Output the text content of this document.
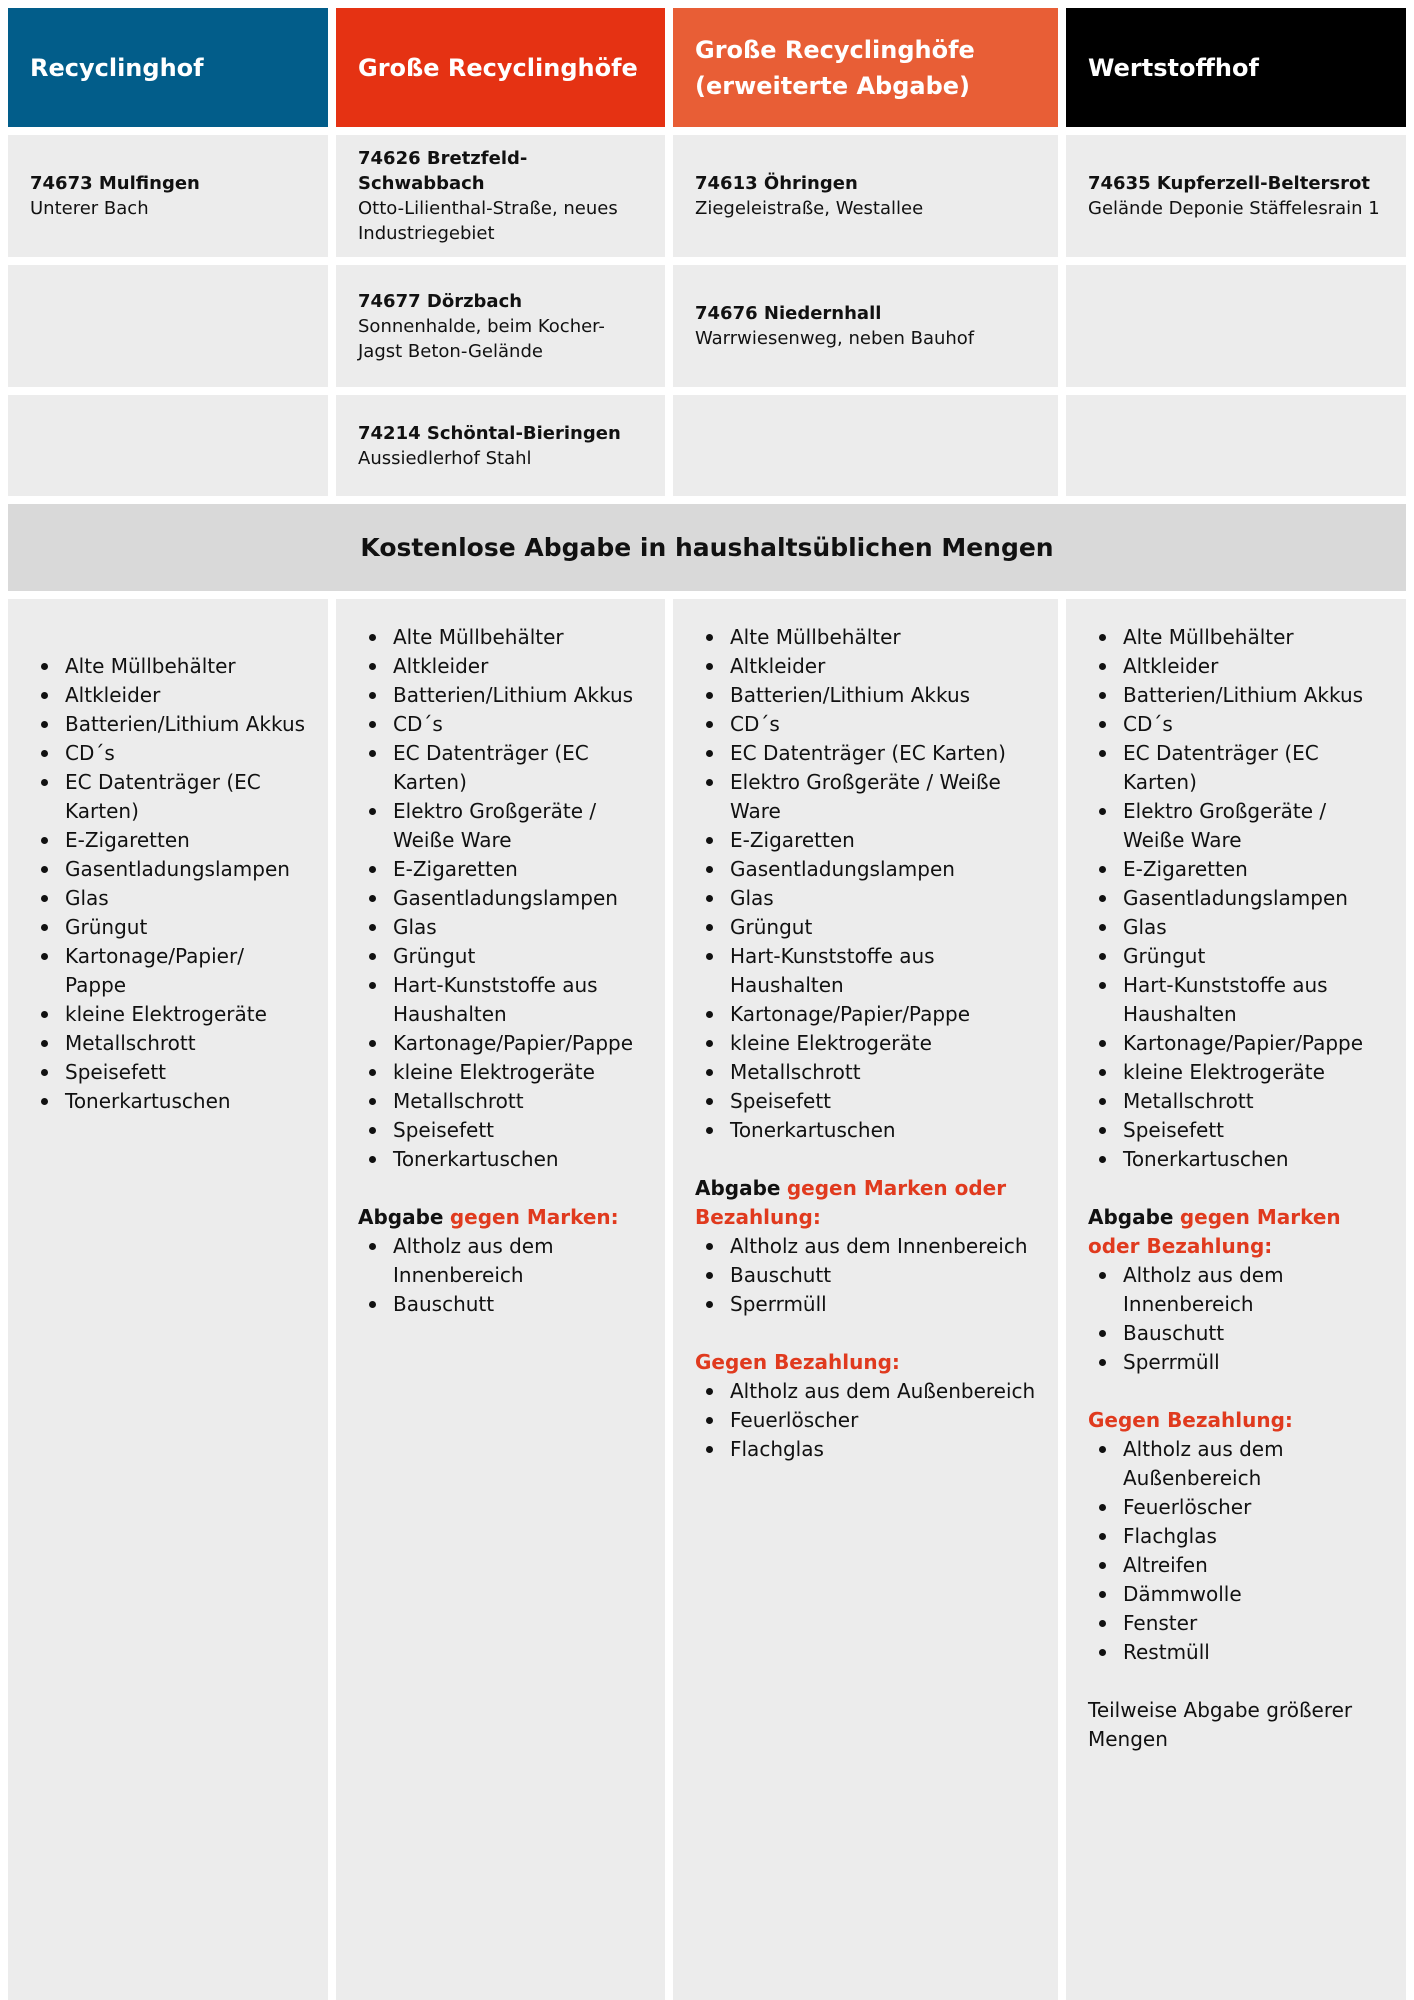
Recyclinghof	Große Recyclinghöfe
Große Recyclinghöfe (erweiterte Abgabe)
Wertstoffhof
74673 Mulfingen
Unterer Bach
74626 Bretzfeld-Schwabbach
Otto-Lilienthal-Straße, neues Industriegebiet
74613 Öhringen
Ziegeleistraße, Westallee
74635 Kupferzell-Beltersrot
Gelände Deponie Stäffelesrain 1
74677 Dörzbach
Sonnenhalde, beim Kocher-Jagst Beton-Gelände
74676 Niedernhall
Warrwiesenweg, neben Bauhof
74214 Schöntal-Bieringen
Aussiedlerhof Stahl
Kostenlose Abgabe in haushaltsüblichen Mengen
Alte Müllbehälter
Altkleider
Batterien/Lithium Akkus
CD´s
EC Datenträger (EC Karten)
E-Zigaretten
Gasentladungslampen
Glas
Grüngut
Kartonage/Papier/ Pappe
kleine Elektrogeräte
Metallschrott
Speisefett
Tonerkartuschen
Alte Müllbehälter
Altkleider
Batterien/Lithium Akkus
CD´s
EC Datenträger (EC Karten)
Elektro Großgeräte / Weiße Ware
E-Zigaretten
Gasentladungslampen
Glas
Grüngut
Hart-Kunststoffe aus Haushalten
Kartonage/Papier/Pappe
kleine Elektrogeräte
Metallschrott
Speisefett
Tonerkartuschen
Abgabe gegen Marken:
Altholz aus dem Innenbereich
Bauschutt
Alte Müllbehälter
Altkleider
Batterien/Lithium Akkus
CD´s
EC Datenträger (EC Karten)
Elektro Großgeräte / Weiße Ware
E-Zigaretten
Gasentladungslampen
Glas
Grüngut
Hart-Kunststoffe aus Haushalten
Kartonage/Papier/Pappe
kleine Elektrogeräte
Metallschrott
Speisefett
Tonerkartuschen
Abgabe gegen Marken oder Bezahlung:
Altholz aus dem Innenbereich
Bauschutt
Sperrmüll
Gegen Bezahlung:
Altholz aus dem Außenbereich
Feuerlöscher
Flachglas
Alte Müllbehälter
Altkleider
Batterien/Lithium Akkus
CD´s
EC Datenträger (EC Karten)
Elektro Großgeräte / Weiße Ware
E-Zigaretten
Gasentladungslampen
Glas
Grüngut
Hart-Kunststoffe aus Haushalten
Kartonage/Papier/Pappe
kleine Elektrogeräte
Metallschrott
Speisefett
Tonerkartuschen
Abgabe gegen Marken oder Bezahlung:
Altholz aus dem Innenbereich
Bauschutt
Sperrmüll
Gegen Bezahlung:
Altholz aus dem Außenbereich
Feuerlöscher
Flachglas
Altreifen
Dämmwolle
Fenster
Restmüll
Teilweise Abgabe größerer Mengen
